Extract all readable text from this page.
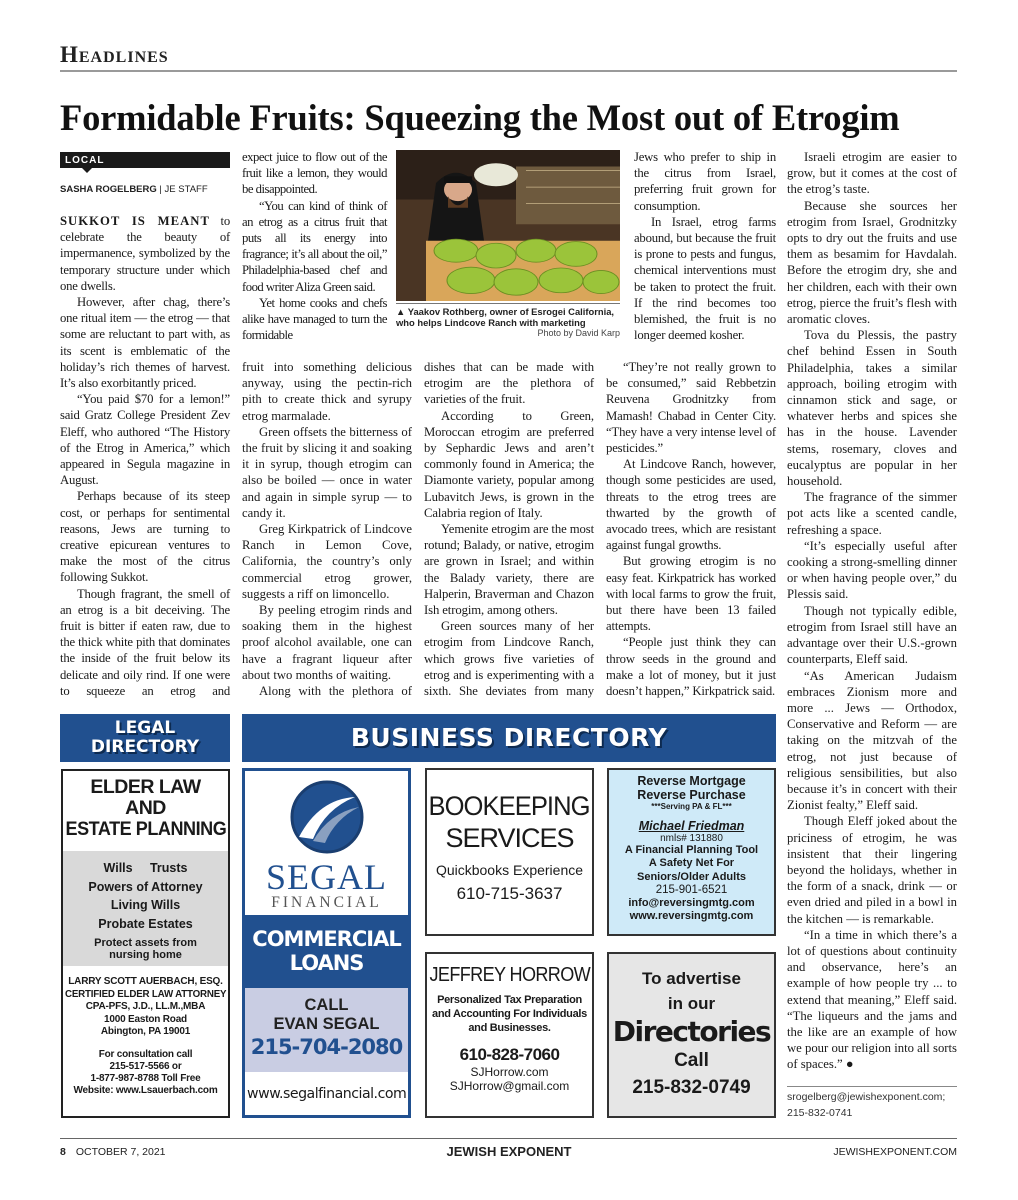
Headlines
Formidable Fruits: Squeezing the Most out of Etrogim
LOCAL
SASHA ROGELBERG | JE STAFF

SUKKOT IS MEANT to celebrate the beauty of impermanence, symbolized by the temporary structure under which one dwells.

However, after chag, there’s one ritual item — the etrog — that some are reluctant to part with, as its scent is emblematic of the holiday’s rich themes of harvest. It’s also exorbitantly priced.

“You paid $70 for a lemon!” said Gratz College President Zev Eleff, who authored “The History of the Etrog in America,” which appeared in Segula magazine in August.

Perhaps because of its steep cost, or perhaps for sentimental reasons, Jews are turning to creative epicurean ventures to make the most of the citrus following Sukkot.

Though fragrant, the smell of an etrog is a bit deceiving. The fruit is bitter if eaten raw, due to the thick white pith that dominates the inside of the fruit below its delicate and oily rind. If one were to squeeze an etrog and

expect juice to flow out of the fruit like a lemon, they would be disappointed.

“You can kind of think of an etrog as a citrus fruit that puts all its energy into fragrance; it’s all about the oil,” Philadelphia-based chef and food writer Aliza Green said.

Yet home cooks and chefs alike have managed to turn the formidable

fruit into something delicious anyway, using the pectin-rich pith to create thick and syrupy etrog marmalade.

Green offsets the bitterness of the fruit by slicing it and soaking it in syrup, though etrogim can also be boiled — once in water and again in simple syrup — to candy it.

Greg Kirkpatrick of Lindcove Ranch in Lemon Cove, California, the country’s only commercial etrog grower, suggests a riff on limoncello.

By peeling etrogim rinds and soaking them in the highest proof alcohol available, one can have a fragrant liqueur after about two months of waiting.

Along with the plethora of

dishes that can be made with etrogim are the plethora of varieties of the fruit.

According to Green, Moroccan etrogim are preferred by Sephardic Jews and aren’t commonly found in America; the Diamonte variety, popular among Lubavitch Jews, is grown in the Calabria region of Italy.

Yemenite etrogim are the most rotund; Balady, or native, etrogim are grown in Israel; and within the Balady variety, there are Halperin, Braverman and Chazon Ish etrogim, among others.

Green sources many of her etrogim from Lindcove Ranch, which grows five varieties of etrog and is experimenting with a sixth. She deviates from many

Jews who prefer to ship in the citrus from Israel, preferring fruit grown for consumption.

In Israel, etrog farms abound, but because the fruit is prone to pests and fungus, chemical interventions must be taken to protect the fruit. If the rind becomes too blemished, the fruit is no longer deemed kosher.

“They’re not really grown to be consumed,” said Rebbetzin Reuvena Grodnitzky from Mamash! Chabad in Center City. “They have a very intense level of pesticides.”

At Lindcove Ranch, however, though some pesticides are used, threats to the etrog trees are thwarted by the growth of avocado trees, which are resistant against fungal growths.

But growing etrogim is no easy feat. Kirkpatrick has worked with local farms to grow the fruit, but there have been 13 failed attempts.

“People just think they can throw seeds in the ground and make a lot of money, but it just doesn’t happen,” Kirkpatrick said.

Israeli etrogim are easier to grow, but it comes at the cost of the etrog’s taste.

Because she sources her etrogim from Israel, Grodnitzky opts to dry out the fruits and use them as besamim for Havdalah. Before the etrogim dry, she and her children, each with their own etrog, pierce the fruit’s flesh with aromatic cloves.

Tova du Plessis, the pastry chef behind Essen in South Philadelphia, takes a similar approach, boiling etrogim with cinnamon stick and sage, or whatever herbs and spices she has in the house. Lavender stems, rosemary, cloves and eucalyptus are popular in her household.

The fragrance of the simmer pot acts like a scented candle, refreshing a space.

“It’s especially useful after cooking a strong-smelling dinner or when having people over,” du Plessis said.

Though not typically edible, etrogim from Israel still have an advantage over their U.S.-grown counterparts, Eleff said.

“As American Judaism embraces Zionism more and more ... Jews — Orthodox, Conservative and Reform — are taking on the mitzvah of the etrog, not just because of religious sensibilities, but also because it’s in concert with their Zionist fealty,” Eleff said.

Though Eleff joked about the priciness of etrogim, he was insistent that their lingering beyond the holidays, whether in the form of a snack, drink — or even dried and piled in a bowl in the kitchen — is remarkable.

“In a time in which there’s a lot of questions about continuity and observance, here’s an example of how people try ... to extend that meaning,” Eleff said. “The liqueurs and the jams and the like are an example of how we pour our religion into all sorts of spaces.” ●

▲ Yaakov Rothberg, owner of Esrogei California, who helps Lindcove Ranch with marketing
Photo by David Karp
LEGAL
DIRECTORY	BUSINESS DIRECTORY
ELDER LAW
AND
ESTATE PLANNING
Wills     Trusts
Powers of Attorney
Living Wills
Probate Estates
Protect assets from
nursing home
LARRY SCOTT AUERBACH, ESQ.
CERTIFIED ELDER LAW ATTORNEY
CPA-PFS, J.D., LL.M.,MBA
1000 Easton Road
Abington, PA 19001
For consultation call
215-517-5566 or
1-877-987-8788 Toll Free
Website: www.Lsauerbach.com
SEGAL
FINANCIAL
COMMERCIAL
LOANS
CALL
EVAN SEGAL
215-704-2080
www.segalfinancial.com
BOOKEEPING
SERVICES
Quickbooks Experience
610-715-3637
Reverse Mortgage
Reverse Purchase
***Serving PA & FL***
Michael Friedman
nmls# 131880
A Financial Planning Tool
A Safety Net For
Seniors/Older Adults
215-901-6521
info@reversingmtg.com
www.reversingmtg.com
JEFFREY HORROW
Personalized Tax Preparation
and Accounting For Individuals
and Businesses.
610-828-7060
SJHorrow.com
SJHorrow@gmail.com
To advertise
in our
Directories
Call
215-832-0749	srogelberg@jewishexponent.com;
215-832-0741
8 OCTOBER 7, 2021	JEWISH EXPONENT	JEWISHEXPONENT.COM
